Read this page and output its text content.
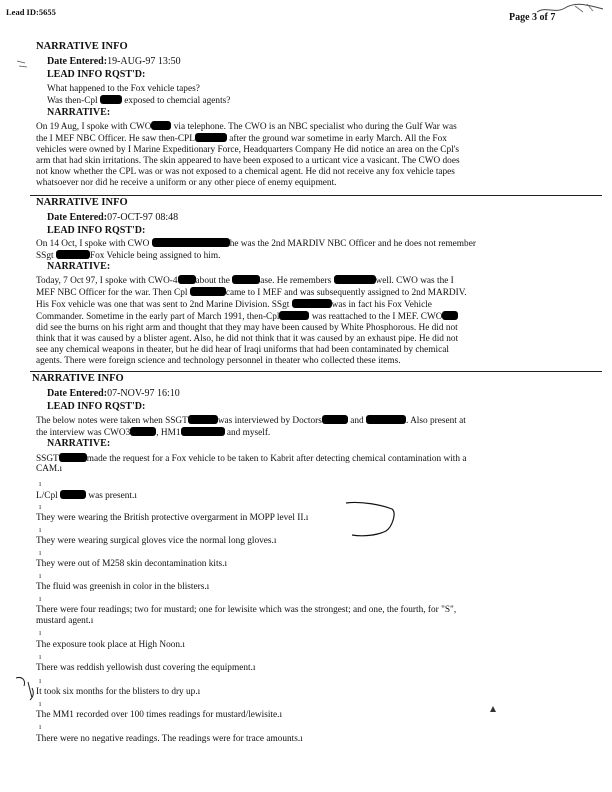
Lead ID:5655	Page 3 of 7
NARRATIVE INFO
Date Entered:19-AUG-97 13:50
LEAD INFO RQST'D:
What happened to the Fox vehicle tapes?
Was then-Cpl	exposed to chemcial agents?
NARRATIVE:
On 19 Aug, I spoke with CWO via telephone. The CWO is an NBC specialist who during the Gulf War was
the I MEF NBC Officer. He saw then-CPL	after the ground war sometime in early March. All the Fox
vehicles were owned by I Marine Expeditionary Force, Headquarters Company He did notice an area on the Cpl's
arm that had skin irritations. The skin appeared to have been exposed to a urticant vice a vasicant. The CWO does
not know whether the CPL was or was not exposed to a chemical agent. He did not receive any fox vehicle tapes
whatsoever nor did he receive a uniform or any other piece of enemy equipment.
NARRATIVE INFO
Date Entered:07-OCT-97 08:48
LEAD INFO RQST'D:
On 14 Oct, I spoke with CWO	he was the 2nd MARDIV NBC Officer and he does not remember
SSgt	Fox Vehicle being assigned to him.
NARRATIVE:
Today, 7 Oct 97, I spoke with CWO-4 about the	ase. He remembers	well. CWO was the I
MEF NBC Officer for the war. Then Cpl	came to I MEF and was subsequently assigned to 2nd MARDIV.
His Fox vehicle was one that was sent to 2nd Marine Division. SSgt	was in fact his Fox Vehicle
Commander. Sometime in the early part of March 1991, then-Cpl	was reattached to the I MEF. CWO
did see the burns on his right arm and thought that they may have been caused by White Phosphorous. He did not
think that it was caused by a blister agent. Also, he did not think that it was caused by an exhaust pipe. He did not
see any chemical weapons in theater, but he did hear of Iraqi uniforms that had been contaminated by chemical
agents. There were foreign science and technology personnel in theater who collected these items.
NARRATIVE INFO
Date Entered:07-NOV-97 16:10
LEAD INFO RQST'D:
The below notes were taken when SSGT	was interviewed by Doctors	and	. Also present at
the interview was CWO3	, HM1	and myself.
NARRATIVE:
SSGT	made the request for a Fox vehicle to be taken to Kabrit after detecting chemical contamination with a
CAM.ı
ı
L/Cpl	was present.ı
ı
They were wearing the British protective overgarment in MOPP level II.ı
ı
They were wearing surgical gloves vice the normal long gloves.ı
ı
They were out of M258 skin decontamination kits.ı
ı
The fluid was greenish in color in the blisters.ı
ı
There were four readings; two for mustard; one for lewisite which was the strongest; and one, the fourth, for "S",
mustard agent.ı
ı
The exposure took place at High Noon.ı
ı
There was reddish yellowish dust covering the equipment.ı
ı
It took six months for the blisters to dry up.ı
ı
The MM1 recorded over 100 times readings for mustard/lewisite.ı
ı
There were no negative readings. The readings were for trace amounts.ı
